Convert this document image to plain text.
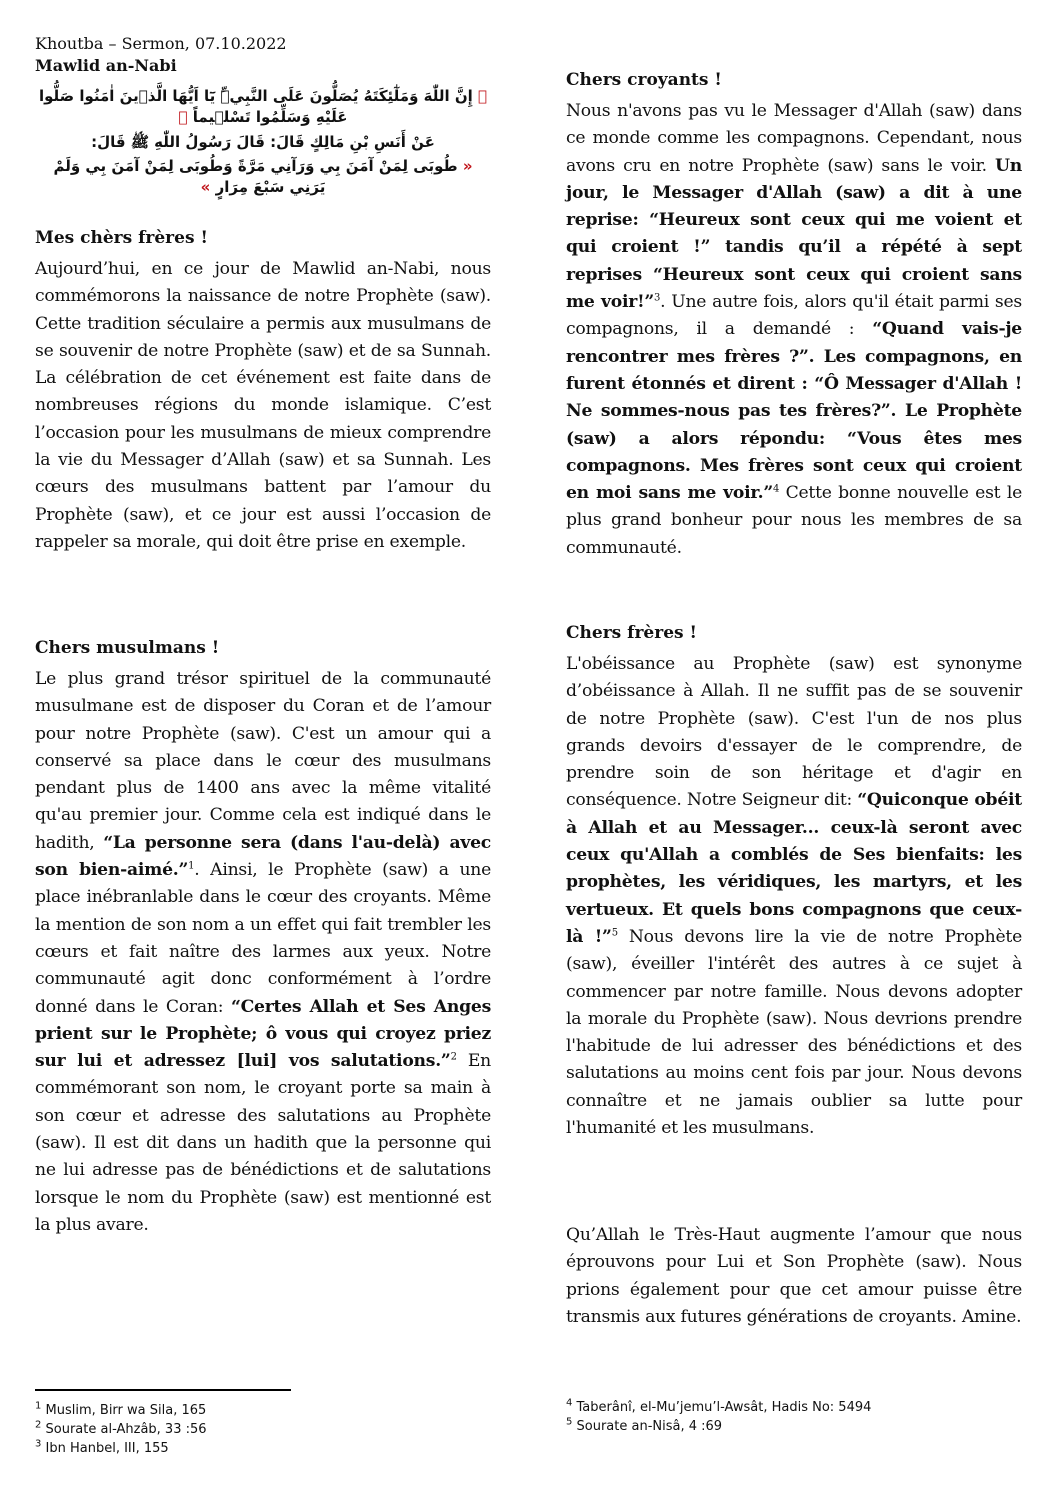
Khoutba – Sermon, 07.10.2022
Mawlid an-Nabi
﴿ إِنَّ اللّٰهَ وَمَلٰٓئِكَتَهُ يُصَلُّونَ عَلَى النَّبِيِّۜ يَٓا اَيُّهَا الَّذ۪ينَ اٰمَنُوا صَلُّوا عَلَيْهِ وَسَلِّمُوا تَسْل۪يماً ﴾
عَنْ أَنَسِ بْنِ مَالِكٍ قَالَ: قَالَ رَسُولُ اللّٰهِ ﷺ قَالَ:
« طُوبَى لِمَنْ آمَنَ بِي وَرَآنِي مَرَّةً وَطُوبَى لِمَنْ آمَنَ بِي وَلَمْ يَرَنِي سَبْعَ مِرَارٍ »
Mes chèrs frères !
Aujourd’hui, en ce jour de Mawlid an-Nabi, nous commémorons la naissance de notre Prophète (saw). Cette tradition séculaire a permis aux musulmans de se souvenir de notre Prophète (saw) et de sa Sunnah. La célébration de cet événement est faite dans de nombreuses régions du monde islamique. C’est l’occasion pour les musulmans de mieux comprendre la vie du Messager d’Allah (saw) et sa Sunnah. Les cœurs des musulmans battent par l’amour du Prophète (saw), et ce jour est aussi l’occasion de rappeler sa morale, qui doit être prise en exemple.
Chers musulmans !
Le plus grand trésor spirituel de la communauté musulmane est de disposer du Coran et de l’amour pour notre Prophète (saw). C'est un amour qui a conservé sa place dans le cœur des musulmans pendant plus de 1400 ans avec la même vitalité qu'au premier jour. Comme cela est indiqué dans le hadith, “La personne sera (dans l'au-delà) avec son bien-aimé.”$^1$. Ainsi, le Prophète (saw) a une place inébranlable dans le cœur des croyants. Même la mention de son nom a un effet qui fait trembler les cœurs et fait naître des larmes aux yeux. Notre communauté agit donc conformément à l’ordre donné dans le Coran: “Certes Allah et Ses Anges prient sur le Prophète; ô vous qui croyez priez sur lui et adressez [lui] vos salutations.”$^2$ En commémorant son nom, le croyant porte sa main à son cœur et adresse des salutations au Prophète (saw). Il est dit dans un hadith que la personne qui ne lui adresse pas de bénédictions et de salutations lorsque le nom du Prophète (saw) est mentionné est la plus avare.
Chers croyants !
Nous n'avons pas vu le Messager d'Allah (saw) dans ce monde comme les compagnons. Cependant, nous avons cru en notre Prophète (saw) sans le voir. Un jour, le Messager d'Allah (saw) a dit à une reprise: “Heureux sont ceux qui me voient et qui croient !” tandis qu’il a répété à sept reprises “Heureux sont ceux qui croient sans me voir!”$^3$. Une autre fois, alors qu'il était parmi ses compagnons, il a demandé : “Quand vais-je rencontrer mes frères ?”. Les compagnons, en furent étonnés et dirent : “Ô Messager d'Allah ! Ne sommes-nous pas tes frères?”. Le Prophète (saw) a alors répondu: “Vous êtes mes compagnons. Mes frères sont ceux qui croient en moi sans me voir.”$^4$ Cette bonne nouvelle est le plus grand bonheur pour nous les membres de sa communauté.
Chers frères !
L'obéissance au Prophète (saw) est synonyme d’obéissance à Allah. Il ne suffit pas de se souvenir de notre Prophète (saw). C'est l'un de nos plus grands devoirs d'essayer de le comprendre, de prendre soin de son héritage et d'agir en conséquence. Notre Seigneur dit: “Quiconque obéit à Allah et au Messager... ceux-là seront avec ceux qu'Allah a comblés de Ses bienfaits: les prophètes, les véridiques, les martyrs, et les vertueux. Et quels bons compagnons que ceux-là !”$^5$ Nous devons lire la vie de notre Prophète (saw), éveiller l'intérêt des autres à ce sujet à commencer par notre famille. Nous devons adopter la morale du Prophète (saw). Nous devrions prendre l'habitude de lui adresser des bénédictions et des salutations au moins cent fois par jour. Nous devons connaître et ne jamais oublier sa lutte pour l'humanité et les musulmans.
Qu’Allah le Très-Haut augmente l’amour que nous éprouvons pour Lui et Son Prophète (saw). Nous prions également pour que cet amour puisse être transmis aux futures générations de croyants. Amine.
$^1$ Muslim, Birr wa Sila, 165
$^2$ Sourate al-Ahzâb, 33 :56
$^3$ Ibn Hanbel, III, 155
$^4$ Taberânî, el-Mu’jemu’l-Awsât, Hadis No: 5494
$^5$ Sourate an-Nisâ, 4 :69
